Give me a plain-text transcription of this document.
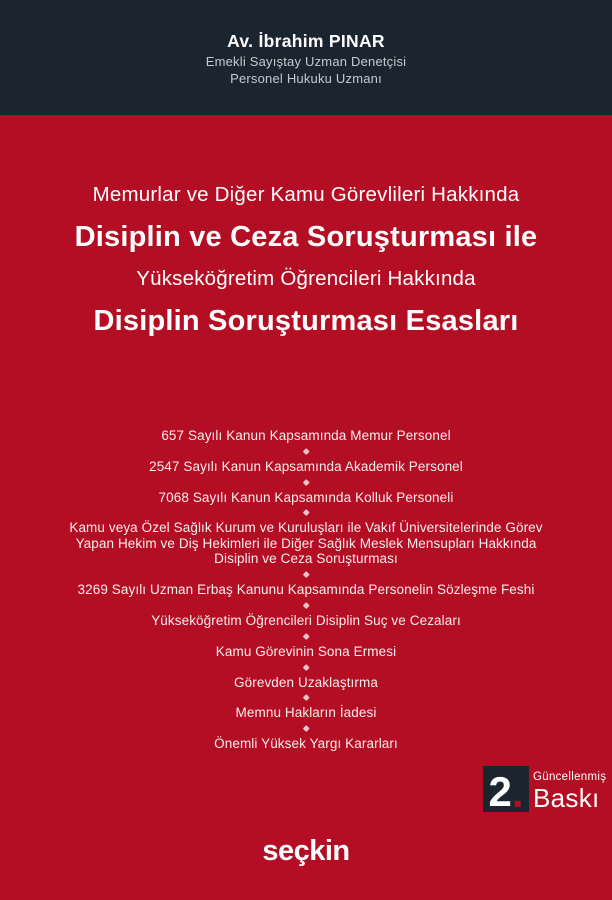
Av. İbrahim PINAR
Emekli Sayıştay Uzman Denetçisi
Personel Hukuku Uzmanı
Memurlar ve Diğer Kamu Görevlileri Hakkında
Disiplin ve Ceza Soruşturması ile
Yükseköğretim Öğrencileri Hakkında
Disiplin Soruşturması Esasları
657 Sayılı Kanun Kapsamında Memur Personel
2547 Sayılı Kanun Kapsamında Akademik Personel
7068 Sayılı Kanun Kapsamında Kolluk Personeli
Kamu veya Özel Sağlık Kurum ve Kuruluşları ile Vakıf Üniversitelerinde Görev Yapan Hekim ve Diş Hekimleri ile Diğer Sağlık Meslek Mensupları Hakkında Disiplin ve Ceza Soruşturması
3269 Sayılı Uzman Erbaş Kanunu Kapsamında Personelin Sözleşme Feshi
Yükseköğretim Öğrencileri Disiplin Suç ve Cezaları
Kamu Görevinin Sona Ermesi
Görevden Uzaklaştırma
Memnu Hakların İadesi
Önemli Yüksek Yargı Kararları
2 . Güncellenmiş
Baskı
seçkin
